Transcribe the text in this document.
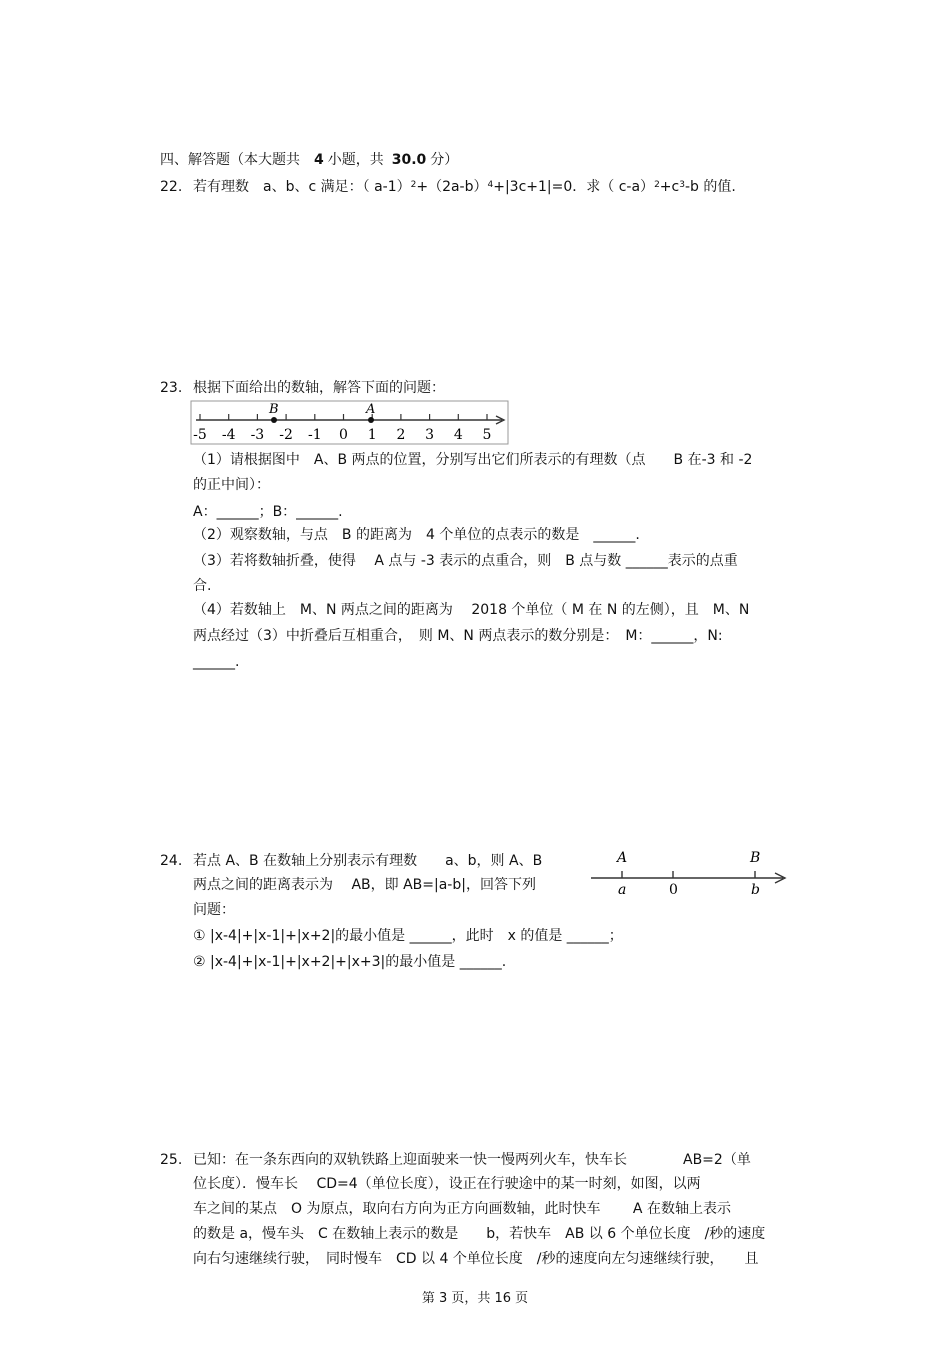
四、解答题（本大题共 4 小题，共 30.0 分）
22. 若有理数　a、b、c 满足：（ $a-1)^2+(2a-b)^4+|3c+1|=0$．求（ $c-a)^2+c^3-b$ 的值.
23. 根据下面给出的数轴，解答下面的问题：
-5 -4 -3 -2 -1 0 1 2 3 4 5
B	A
（1）请根据图中　A、B 两点的位置，分别写出它们所表示的有理数（点　　B 在-3 和 -2
的正中间）：
A：______；B：______.
（2）观察数轴，与点　B 的距离为　4 个单位的点表示的数是　______.
（3）若将数轴折叠，使得　 A 点与 -3 表示的点重合，则　B 点与数 ______表示的点重
合.
（4）若数轴上　M、N 两点之间的距离为　 2018 个单位（ M 在 N 的左侧），且　M、N
两点经过（3）中折叠后互相重合，　则 M、N 两点表示的数分别是：　M：______，N:
______.
24. 若点 A、B 在数轴上分别表示有理数　　a、b，则 A、B
两点之间的距离表示为　 AB，即 AB=|a-b|，回答下列
问题：
① |x-4|+|x-1|+|x+2|的最小值是 ______，此时　x 的值是 ______；
② |x-4|+|x-1|+|x+2|+|x+3|的最小值是 ______.
A
a	0
B
b
25. 已知：在一条东西向的双轨铁路上迎面驶来一快一慢两列火车，快车长　　　　AB=2（单
位长度）．慢车长　 CD=4（单位长度），设正在行驶途中的某一时刻，如图，以两
车之间的某点　O 为原点，取向右方向为正方向画数轴，此时快车　　 A 在数轴上表示
的数是 a，慢车头　C 在数轴上表示的数是　　b，若快车　AB 以 6 个单位长度　/秒的速度
向右匀速继续行驶，　同时慢车　CD 以 4 个单位长度　/秒的速度向左匀速继续行驶，　　且
第 3 页，共 16 页
